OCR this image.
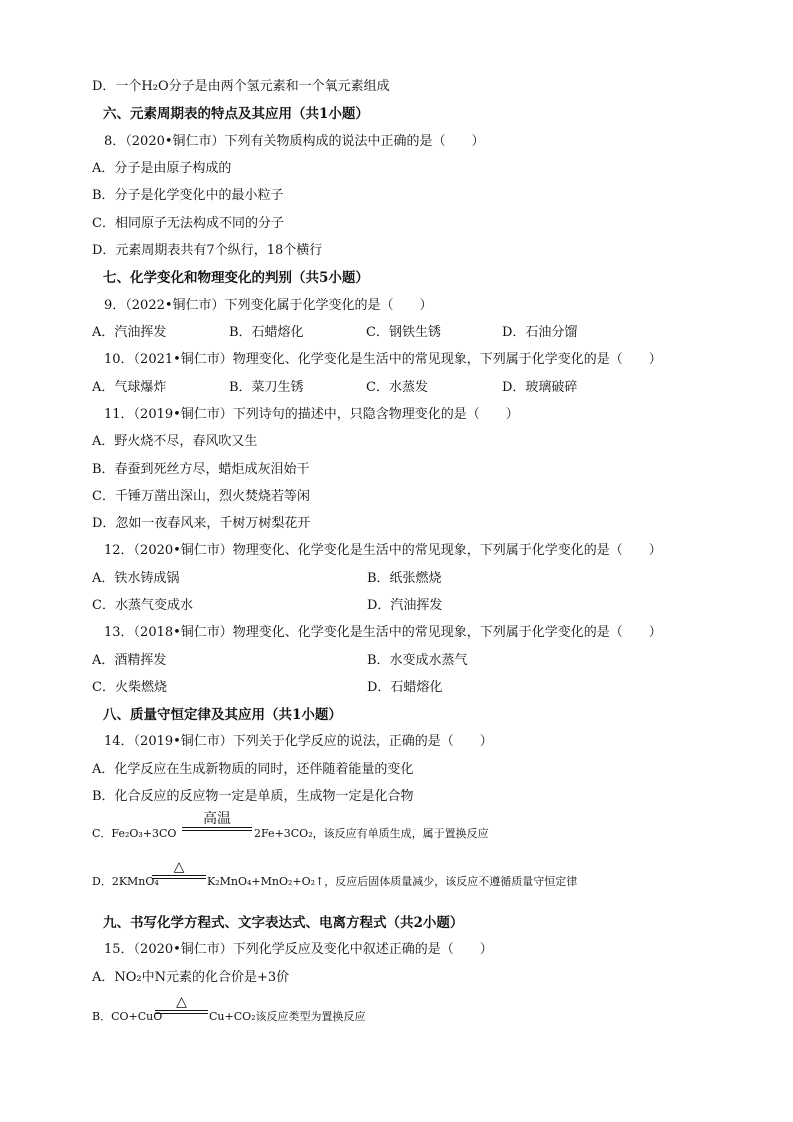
D．一个H₂O分子是由两个氢元素和一个氧元素组成
六、元素周期表的特点及其应用（共1小题）
8．（2020•铜仁市）下列有关物质构成的说法中正确的是（　　）
A．分子是由原子构成的
B．分子是化学变化中的最小粒子
C．相同原子无法构成不同的分子
D．元素周期表共有7个纵行，18个横行
七、化学变化和物理变化的判别（共5小题）
9．（2022•铜仁市）下列变化属于化学变化的是（　　）
A．汽油挥发	B．石蜡熔化	C．钢铁生锈	D．石油分馏
10．（2021•铜仁市）物理变化、化学变化是生活中的常见现象，下列属于化学变化的是（　　）
A．气球爆炸	B．菜刀生锈	C．水蒸发	D．玻璃破碎
11．（2019•铜仁市）下列诗句的描述中，只隐含物理变化的是（　　）
A．野火烧不尽，春风吹又生
B．春蚕到死丝方尽，蜡炬成灰泪始干
C．千锤万凿出深山，烈火焚烧若等闲
D．忽如一夜春风来，千树万树梨花开
12．（2020•铜仁市）物理变化、化学变化是生活中的常见现象，下列属于化学变化的是（　　）
A．铁水铸成锅	B．纸张燃烧
C．水蒸气变成水	D．汽油挥发
13．（2018•铜仁市）物理变化、化学变化是生活中的常见现象，下列属于化学变化的是（　　）
A．酒精挥发	B．水变成水蒸气
C．火柴燃烧	D．石蜡熔化
八、质量守恒定律及其应用（共1小题）
14．（2019•铜仁市）下列关于化学反应的说法，正确的是（　　）
A．化学反应在生成新物质的同时，还伴随着能量的变化
B．化合反应的反应物一定是单质，生成物一定是化合物
C．Fe₂O₃+3CO
高温
2Fe+3CO₂，该反应有单质生成，属于置换反应
D．2KMnO₄
△
K₂MnO₄+MnO₂+O₂↑，反应后固体质量减少，该反应不遵循质量守恒定律
九、书写化学方程式、文字表达式、电离方程式（共2小题）
15．（2020•铜仁市）下列化学反应及变化中叙述正确的是（　　）
A．NO₂中N元素的化合价是+3价
B．CO+CuO
△
Cu+CO₂该反应类型为置换反应
